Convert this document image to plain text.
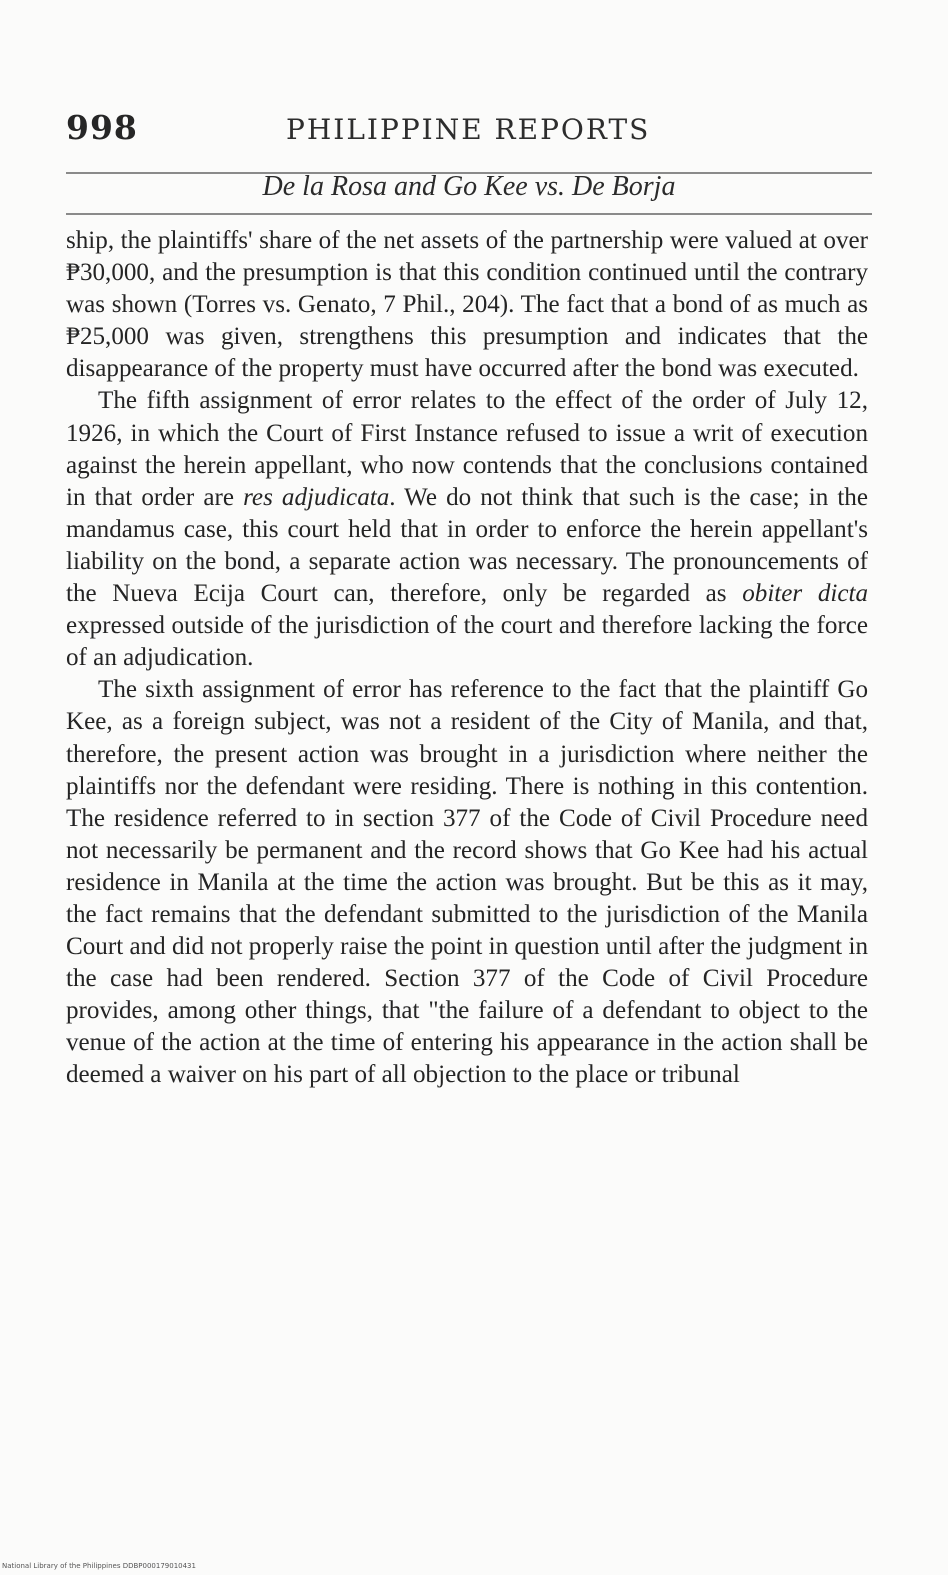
998	PHILIPPINE REPORTS
De la Rosa and Go Kee vs. De Borja

ship, the plaintiffs' share of the net assets of the partnership were valued at over ₱30,000, and the presumption is that this condition continued until the contrary was shown (Torres vs. Genato, 7 Phil., 204). The fact that a bond of as much as ₱25,000 was given, strengthens this presumption and indicates that the disappearance of the property must have occurred after the bond was executed.

The fifth assignment of error relates to the effect of the order of July 12, 1926, in which the Court of First Instance refused to issue a writ of execution against the herein appellant, who now contends that the conclusions contained in that order are res adjudicata. We do not think that such is the case; in the mandamus case, this court held that in order to enforce the herein appellant's liability on the bond, a separate action was necessary. The pronouncements of the Nueva Ecija Court can, therefore, only be regarded as obiter dicta expressed outside of the jurisdiction of the court and therefore lacking the force of an adjudication.

The sixth assignment of error has reference to the fact that the plaintiff Go Kee, as a foreign subject, was not a resident of the City of Manila, and that, therefore, the present action was brought in a jurisdiction where neither the plaintiffs nor the defendant were residing. There is nothing in this contention. The residence referred to in section 377 of the Code of Civil Procedure need not necessarily be permanent and the record shows that Go Kee had his actual residence in Manila at the time the action was brought. But be this as it may, the fact remains that the defendant submitted to the jurisdiction of the Manila Court and did not properly raise the point in question until after the judgment in the case had been rendered. Section 377 of the Code of Civil Procedure provides, among other things, that "the failure of a defendant to object to the venue of the action at the time of entering his appearance in the action shall be deemed a waiver on his part of all objection to the place or tribunal

National Library of the Philippines DDBP000179010431
